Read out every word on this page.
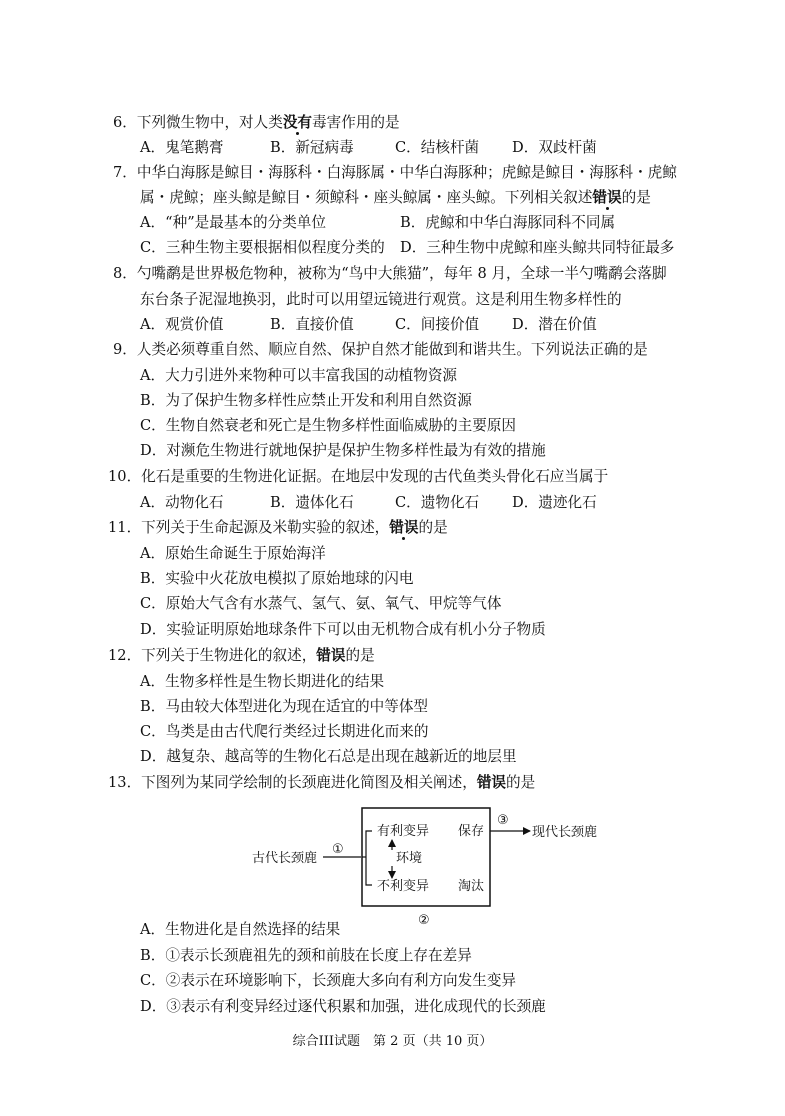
6．下列微生物中，对人类没有毒害作用的是
A．鬼笔鹅膏	B．新冠病毒	C．结核杆菌 D．双歧杆菌
7．中华白海豚是鲸目・海豚科・白海豚属・中华白海豚种；虎鲸是鲸目・海豚科・虎鲸
属・虎鲸；座头鲸是鲸目・须鲸科・座头鲸属・座头鲸。下列相关叙述错误的是
A．“种”是最基本的分类单位	B．虎鲸和中华白海豚同科不同属
C．三种生物主要根据相似程度分类的 D．三种生物中虎鲸和座头鲸共同特征最多
8．勺嘴鹬是世界极危物种，被称为“鸟中大熊猫”，每年 8 月，全球一半勺嘴鹬会落脚
东台条子泥湿地换羽，此时可以用望远镜进行观赏。这是利用生物多样性的
A．观赏价值	B．直接价值	C．间接价值 D．潜在价值
9．人类必须尊重自然、顺应自然、保护自然才能做到和谐共生。下列说法正确的是
A．大力引进外来物种可以丰富我国的动植物资源
B．为了保护生物多样性应禁止开发和利用自然资源
C．生物自然衰老和死亡是生物多样性面临威胁的主要原因
D．对濒危生物进行就地保护是保护生物多样性最为有效的措施
10．化石是重要的生物进化证据。在地层中发现的古代鱼类头骨化石应当属于
A．动物化石	B．遗体化石	C．遗物化石 D．遗迹化石
11．下列关于生命起源及米勒实验的叙述，错误的是
A．原始生命诞生于原始海洋
B．实验中火花放电模拟了原始地球的闪电
C．原始大气含有水蒸气、氢气、氨、氧气、甲烷等气体
D．实验证明原始地球条件下可以由无机物合成有机小分子物质
12．下列关于生物进化的叙述，错误的是
A．生物多样性是生物长期进化的结果
B．马由较大体型进化为现在适宜的中等体型
C．鸟类是由古代爬行类经过长期进化而来的
D．越复杂、越高等的生物化石总是出现在越新近的地层里
13．下图列为某同学绘制的长颈鹿进化简图及相关阐述，错误的是
古代长颈鹿
①
有利变异
环境
不利变异
保存
淘汰
③
现代长颈鹿
②
A．生物进化是自然选择的结果
B．①表示长颈鹿祖先的颈和前肢在长度上存在差异
C．②表示在环境影响下，长颈鹿大多向有利方向发生变异
D．③表示有利变异经过逐代积累和加强，进化成现代的长颈鹿
综合III试题　第 2 页（共 10 页）
